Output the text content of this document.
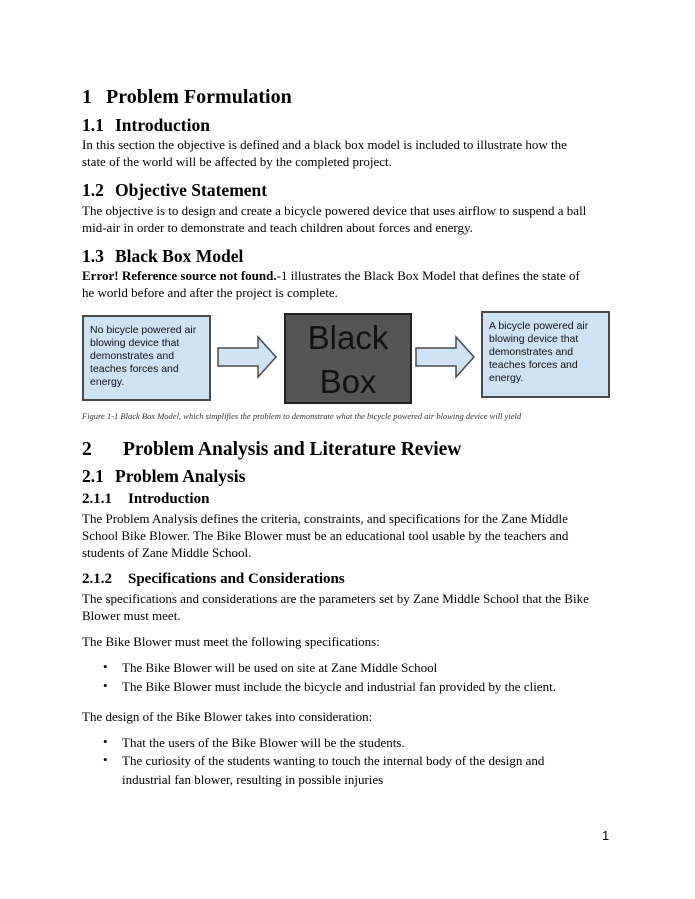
1 Problem Formulation
1.1 Introduction
In this section the objective is defined and a black box model is included to illustrate how the
state of the world will be affected by the completed project.
1.2 Objective Statement
The objective is to design and create a bicycle powered device that uses airflow to suspend a ball
mid-air in order to demonstrate and teach children about forces and energy.
1.3 Black Box Model
Error! Reference source not found.-1 illustrates the Black Box Model that defines the state of
he world before and after the project is complete.
No bicycle powered air blowing device that demonstrates and teaches forces and energy.
Black
Box
A bicycle powered air blowing device that demonstrates and teaches forces and energy.
Figure 1-1 Black Box Model, which simplifies the problem to demonstrate what the bicycle powered air blowing device will yield
2 Problem Analysis and Literature Review
2.1 Problem Analysis
2.1.1 Introduction
The Problem Analysis defines the criteria, constraints, and specifications for the Zane Middle
School Bike Blower. The Bike Blower must be an educational tool usable by the teachers and
students of Zane Middle School.
2.1.2 Specifications and Considerations
The specifications and considerations are the parameters set by Zane Middle School that the Bike
Blower must meet.
The Bike Blower must meet the following specifications:
• The Bike Blower will be used on site at Zane Middle School
• The Bike Blower must include the bicycle and industrial fan provided by the client.
The design of the Bike Blower takes into consideration:
• That the users of the Bike Blower will be the students.
• The curiosity of the students wanting to touch the internal body of the design and
industrial fan blower, resulting in possible injuries
1
